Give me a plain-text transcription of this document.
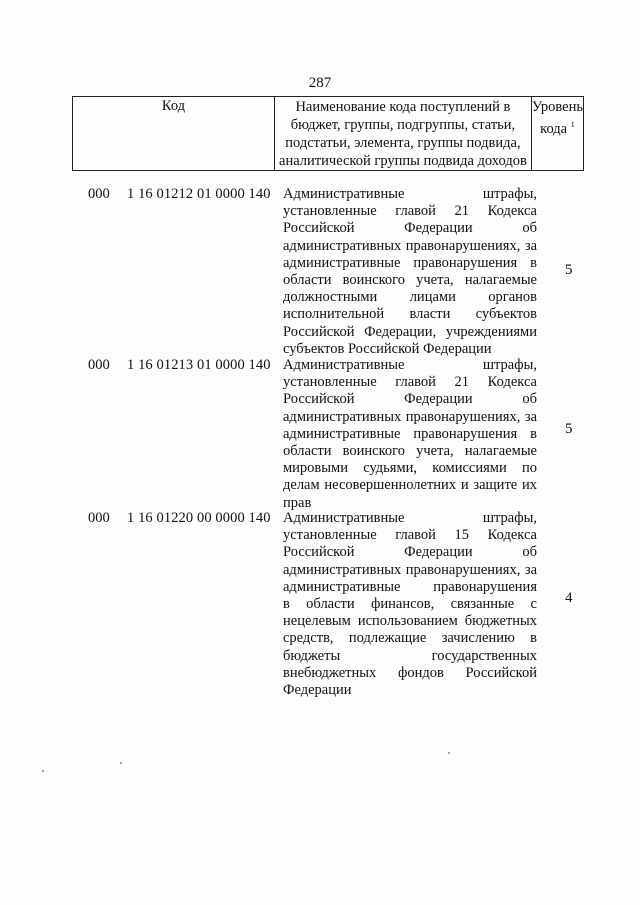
287
Код	Наименование кода поступлений в
бюджет, группы, подгруппы, статьи,
подстатьи, элемента, группы подвида,
аналитической группы подвида доходов

Уровень
кода $^1$
000 1 16 01212 01 0000 140 Административные штрафы,
установленные главой 21 Кодекса
Российской Федерации об
административных правонарушениях, за
административные правонарушения в
области воинского учета, налагаемые
должностными лицами органов
исполнительной власти субъектов
Российской Федерации, учреждениями
субъектов Российской Федерации
5
000 1 16 01213 01 0000 140 Административные штрафы,
установленные главой 21 Кодекса
Российской Федерации об
административных правонарушениях, за
административные правонарушения в
области воинского учета, налагаемые
мировыми судьями, комиссиями по
делам несовершеннолетних и защите их
прав
5
000 1 16 01220 00 0000 140 Административные штрафы,
установленные главой 15 Кодекса
Российской Федерации об
административных правонарушениях, за
административные правонарушения
в области финансов, связанные с
нецелевым использованием бюджетных
средств, подлежащие зачислению в
бюджеты государственных
внебюджетных фондов Российской
Федерации
4
